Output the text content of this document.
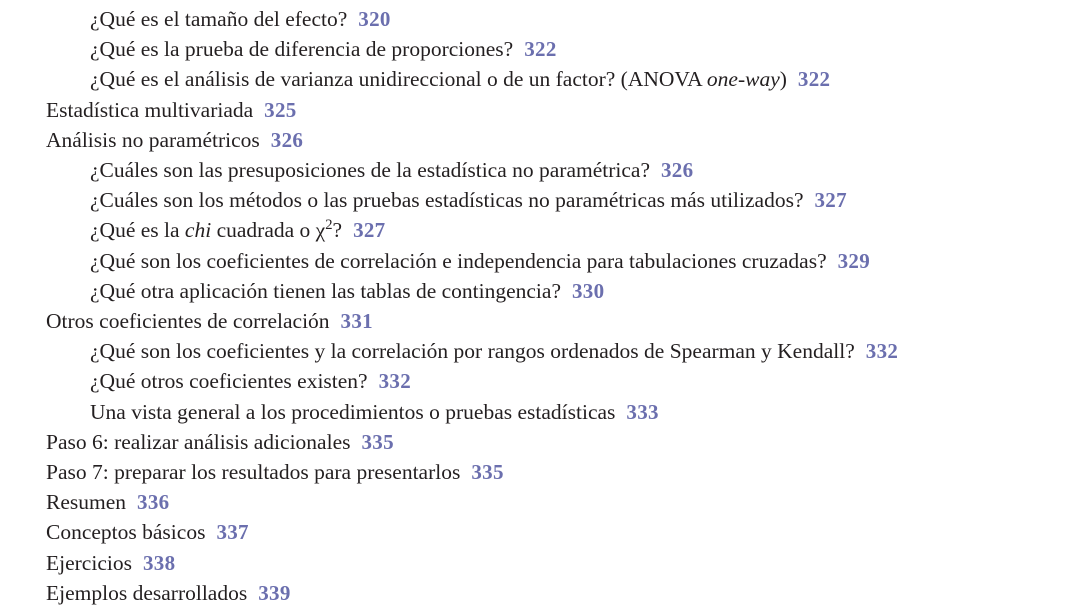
¿Qué es el tamaño del efecto? 320
¿Qué es la prueba de diferencia de proporciones? 322
¿Qué es el análisis de varianza unidireccional o de un factor? (ANOVA one-way) 322
Estadística multivariada 325
Análisis no paramétricos 326
¿Cuáles son las presuposiciones de la estadística no paramétrica? 326
¿Cuáles son los métodos o las pruebas estadísticas no paramétricas más utilizados? 327
¿Qué es la chi cuadrada o $\chi^2$? 327
¿Qué son los coeficientes de correlación e independencia para tabulaciones cruzadas? 329
¿Qué otra aplicación tienen las tablas de contingencia? 330
Otros coeficientes de correlación 331
¿Qué son los coeficientes y la correlación por rangos ordenados de Spearman y Kendall? 332
¿Qué otros coeficientes existen? 332
Una vista general a los procedimientos o pruebas estadísticas 333
Paso 6: realizar análisis adicionales 335
Paso 7: preparar los resultados para presentarlos 335
Resumen 336
Conceptos básicos 337
Ejercicios 338
Ejemplos desarrollados 339
